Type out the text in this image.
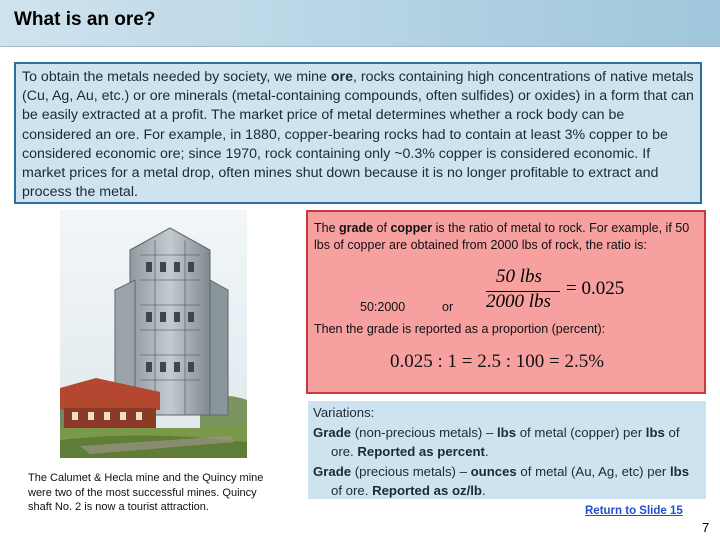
What is an ore?
To obtain the metals needed by society, we mine ore, rocks containing high concentrations of native metals (Cu, Ag, Au, etc.) or ore minerals (metal-containing compounds, often sulfides) or oxides) in a form that can be easily extracted at a profit. The market price of metal determines whether a rock body can be considered an ore. For example, in 1880, copper-bearing rocks had to contain at least 3% copper to be considered economic ore; since 1970, rock containing only ~0.3% copper is considered economic. If market prices for a metal drop, often mines shut down because it is no longer profitable to extract and process the metal.
The Calumet & Hecla mine and the Quincy mine were two of the most successful mines. Quincy shaft No. 2 is now a tourist attraction.
The grade of copper is the ratio of metal to rock. For example, if 50 lbs of copper are obtained from 2000 lbs of rock, the ratio is:
50:2000	or
50 lbs
2000 lbs
= 0.025
Then the grade is reported as a proportion (percent):
0.025 : 1 = 2.5 : 100 = 2.5%

Variations:

Grade (non-precious metals) – lbs of metal (copper) per lbs of ore. Reported as percent.

Grade (precious metals) – ounces of metal (Au, Ag, etc) per lbs of ore. Reported as oz/lb.

Return to Slide 15
7
